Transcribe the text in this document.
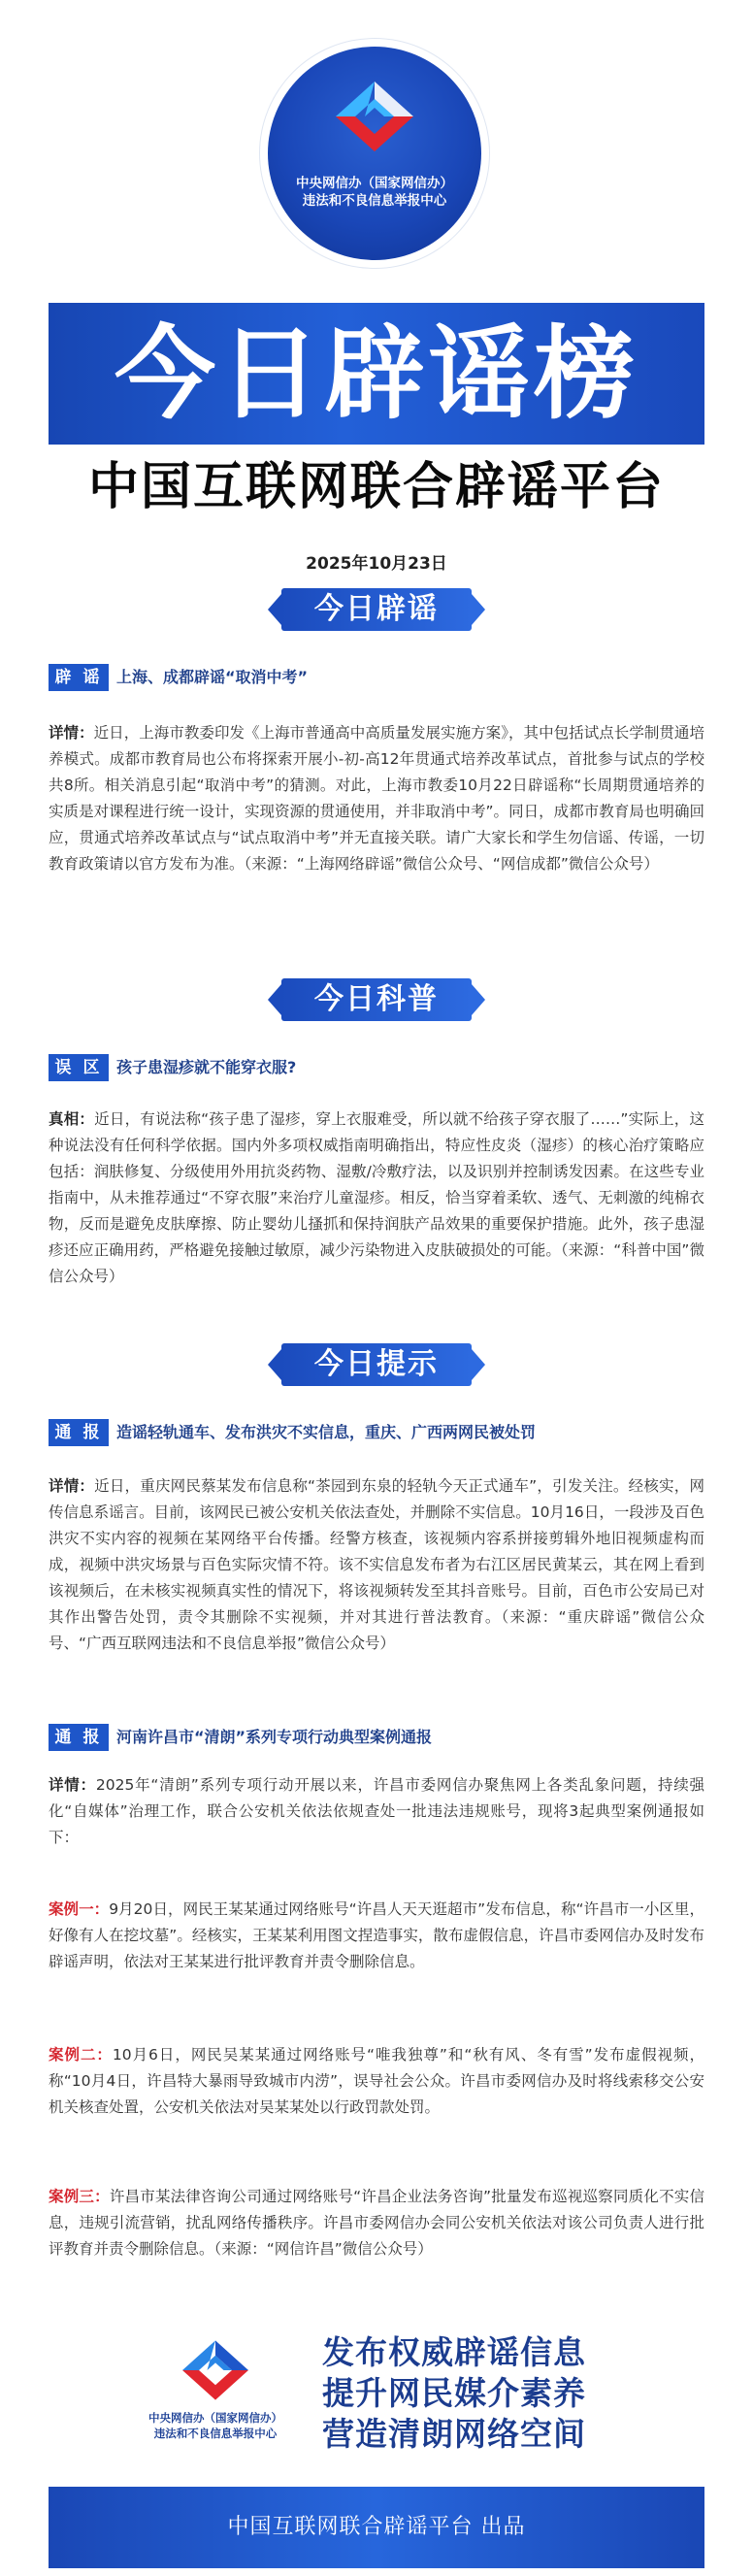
中央网信办（国家网信办）
违法和不良信息举报中心
今日辟谣榜
中国互联网联合辟谣平台
2025年10月23日
今日辟谣
辟 谣 上海、成都辟谣“取消中考”
详情：近日，上海市教委印发《上海市普通高中高质量发展实施方案》，其中包括试点长学制贯通培养模式。成都市教育局也公布将探索开展小-初-高12年贯通式培养改革试点，首批参与试点的学校共8所。相关消息引起“取消中考”的猜测。对此，上海市教委10月22日辟谣称“长周期贯通培养的实质是对课程进行统一设计，实现资源的贯通使用，并非取消中考”。同日，成都市教育局也明确回应，贯通式培养改革试点与“试点取消中考”并无直接关联。请广大家长和学生勿信谣、传谣，一切教育政策请以官方发布为准。（来源：“上海网络辟谣”微信公众号、“网信成都”微信公众号）
今日科普
误 区 孩子患湿疹就不能穿衣服?
真相：近日，有说法称“孩子患了湿疹，穿上衣服难受，所以就不给孩子穿衣服了……”实际上，这种说法没有任何科学依据。国内外多项权威指南明确指出，特应性皮炎（湿疹）的核心治疗策略应包括：润肤修复、分级使用外用抗炎药物、湿敷/冷敷疗法，以及识别并控制诱发因素。在这些专业指南中，从未推荐通过“不穿衣服”来治疗儿童湿疹。相反，恰当穿着柔软、透气、无刺激的纯棉衣物，反而是避免皮肤摩擦、防止婴幼儿搔抓和保持润肤产品效果的重要保护措施。此外，孩子患湿疹还应正确用药，严格避免接触过敏原，减少污染物进入皮肤破损处的可能。（来源：“科普中国”微信公众号）
今日提示
通 报 造谣轻轨通车、发布洪灾不实信息，重庆、广西两网民被处罚
详情：近日，重庆网民蔡某发布信息称“茶园到东泉的轻轨今天正式通车”，引发关注。经核实，网传信息系谣言。目前，该网民已被公安机关依法查处，并删除不实信息。10月16日，一段涉及百色洪灾不实内容的视频在某网络平台传播。经警方核查，该视频内容系拼接剪辑外地旧视频虚构而成，视频中洪灾场景与百色实际灾情不符。该不实信息发布者为右江区居民黄某云，其在网上看到该视频后，在未核实视频真实性的情况下，将该视频转发至其抖音账号。目前，百色市公安局已对其作出警告处罚，责令其删除不实视频，并对其进行普法教育。（来源：“重庆辟谣”微信公众号、“广西互联网违法和不良信息举报”微信公众号）
通 报 河南许昌市“清朗”系列专项行动典型案例通报
详情：2025年“清朗”系列专项行动开展以来，许昌市委网信办聚焦网上各类乱象问题，持续强化“自媒体”治理工作，联合公安机关依法依规查处一批违法违规账号，现将3起典型案例通报如下：
案例一：9月20日，网民王某某通过网络账号“许昌人天天逛超市”发布信息，称“许昌市一小区里，好像有人在挖坟墓”。经核实，王某某利用图文捏造事实，散布虚假信息，许昌市委网信办及时发布辟谣声明，依法对王某某进行批评教育并责令删除信息。
案例二：10月6日，网民吴某某通过网络账号“唯我独尊”和“秋有风、冬有雪”发布虚假视频，称“10月4日，许昌特大暴雨导致城市内涝”，误导社会公众。许昌市委网信办及时将线索移交公安机关核查处置，公安机关依法对吴某某处以行政罚款处罚。
案例三：许昌市某法律咨询公司通过网络账号“许昌企业法务咨询”批量发布巡视巡察同质化不实信息，违规引流营销，扰乱网络传播秩序。许昌市委网信办会同公安机关依法对该公司负责人进行批评教育并责令删除信息。（来源：“网信许昌”微信公众号）
中央网信办（国家网信办）
违法和不良信息举报中心
发布权威辟谣信息
提升网民媒介素养
营造清朗网络空间
中国互联网联合辟谣平台 出品
